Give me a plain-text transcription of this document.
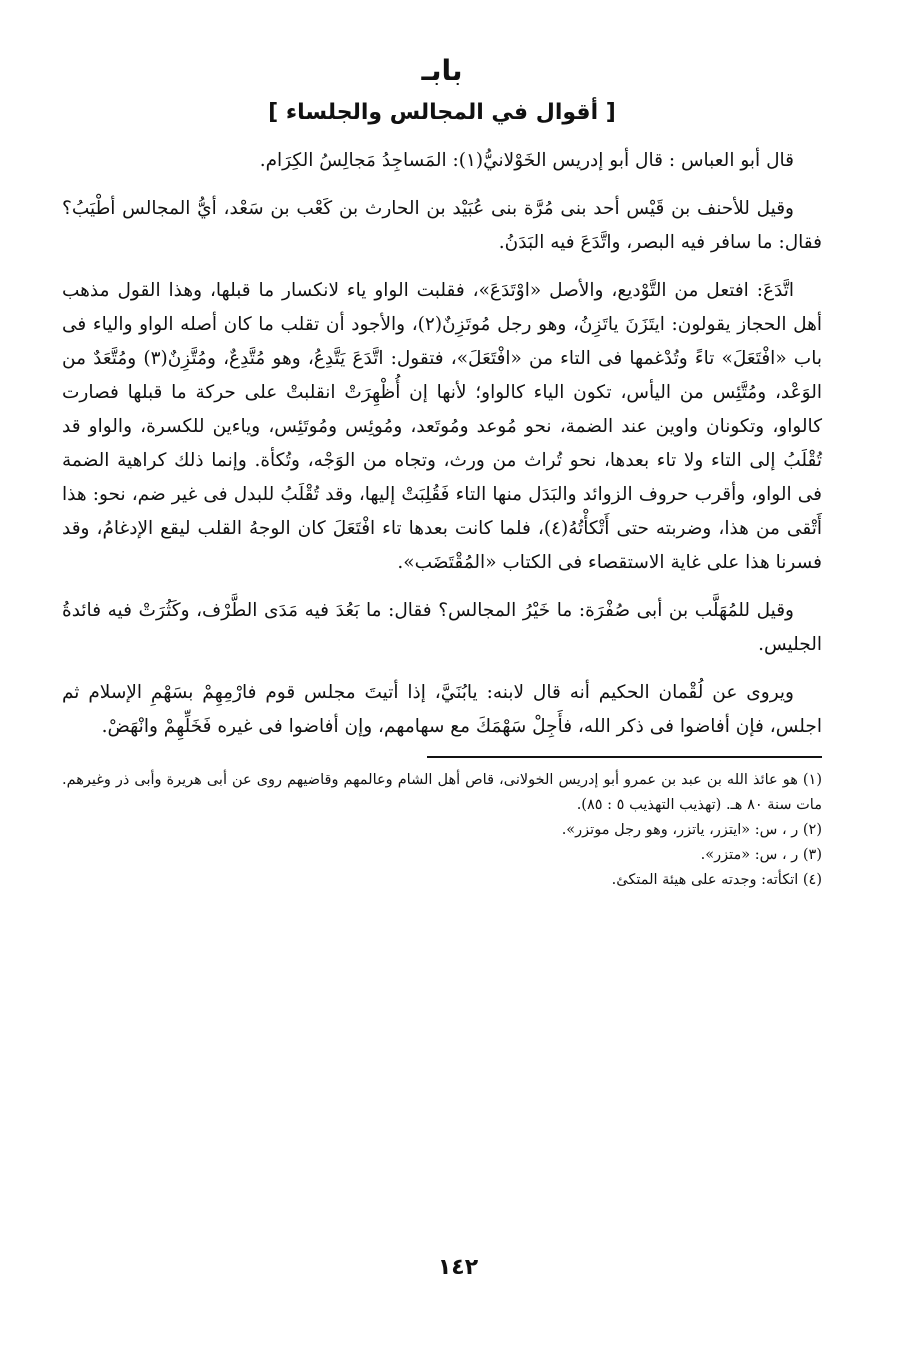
بابـ
[ أقوال في المجالس والجلساء ]

قال أبو العباس : قال أبو إدريس الخَوْلانيُّ(١): المَساجِدُ مَجالِسُ الكِرَام.

وقيل للأحنف بن قَيْس أحد بنى مُرَّة بنى عُبَيْد بن الحارث بن كَعْب بن سَعْد، أيُّ المجالس أطْيَبُ؟ فقال: ما سافر فيه البصر، واتَّدَعَ فيه البَدَنُ.

اتَّدَعَ: افتعل من التَّوْديع، والأصل «اوْتَدَعَ»، فقلبت الواو ياء لانكسار ما قبلها، وهذا القول مذهب أهل الحجاز يقولون: ايتَزَنَ ياتَزِنُ، وهو رجل مُوتَزِنٌ(٢)، والأجود أن تقلب ما كان أصله الواو والياء فى باب «افْتَعَلَ» تاءً وتُدْغمها فى التاء من «افْتَعَلَ»، فتقول: اتَّدَعَ يَتَّدِعُ، وهو مُتَّدِعٌ، ومُتَّزِنٌ(٣) ومُتَّعَدٌ من الوَعْد، ومُتَّئِس من اليأس، تكون الياء كالواو؛ لأنها إن أُظْهِرَتْ انقلبتْ على حركة ما قبلها فصارت كالواو، وتكونان واوين عند الضمة، نحو مُوعد ومُوتَعد، ومُوئِس ومُوتَئِس، وياءين للكسرة، والواو قد تُقْلَبُ إلى التاء ولا تاء بعدها، نحو تُراث من ورث، وتجاه من الوَجْه، وتُكأة. وإنما ذلك كراهية الضمة فى الواو، وأقرب حروف الزوائد والبَدَل منها التاء فَقُلِبَتْ إليها، وقد تُقْلَبُ للبدل فى غير ضم، نحو: هذا أَتْقى من هذا، وضربته حتى أَتْكأْتُهُ(٤)، فلما كانت بعدها تاء افْتَعَلَ كان الوجهُ القلب ليقع الإدغامُ، وقد فسرنا هذا على غاية الاستقصاء فى الكتاب «المُقْتَضَب».

وقيل للمُهَلَّب بن أبى صُفْرَة: ما خَيْرُ المجالس؟ فقال: ما بَعُدَ فيه مَدَى الطَّرْف، وكَثُرَتْ فيه فائدةُ الجليس.

ويروى عن لُقْمان الحكيم أنه قال لابنه: يابُنَيَّ، إذا أتيتَ مجلس قوم فارْمِهِمْ بسَهْمِ الإسلام ثم اجلس، فإن أفاضوا فى ذكر الله، فأَجِلْ سَهْمَكَ مع سهامهم، وإن أفاضوا فى غيره فَخَلِّهِمْ وانْهَضْ.

(١) هو عائذ الله بن عبد بن عمرو أبو إدريس الخولانى، قاص أهل الشام وعالمهم وقاضيهم روى عن أبى هريرة وأبى ذر وغيرهم. مات سنة ٨٠ هـ. (تهذيب التهذيب ٥ : ٨٥).

(٢) ر ، س: «ايتزر، ياتزر، وهو رجل موتزر».

(٣) ر ، س: «متزر».

(٤) اتكأته: وجدته على هيئة المتكئ.

١٤٢
